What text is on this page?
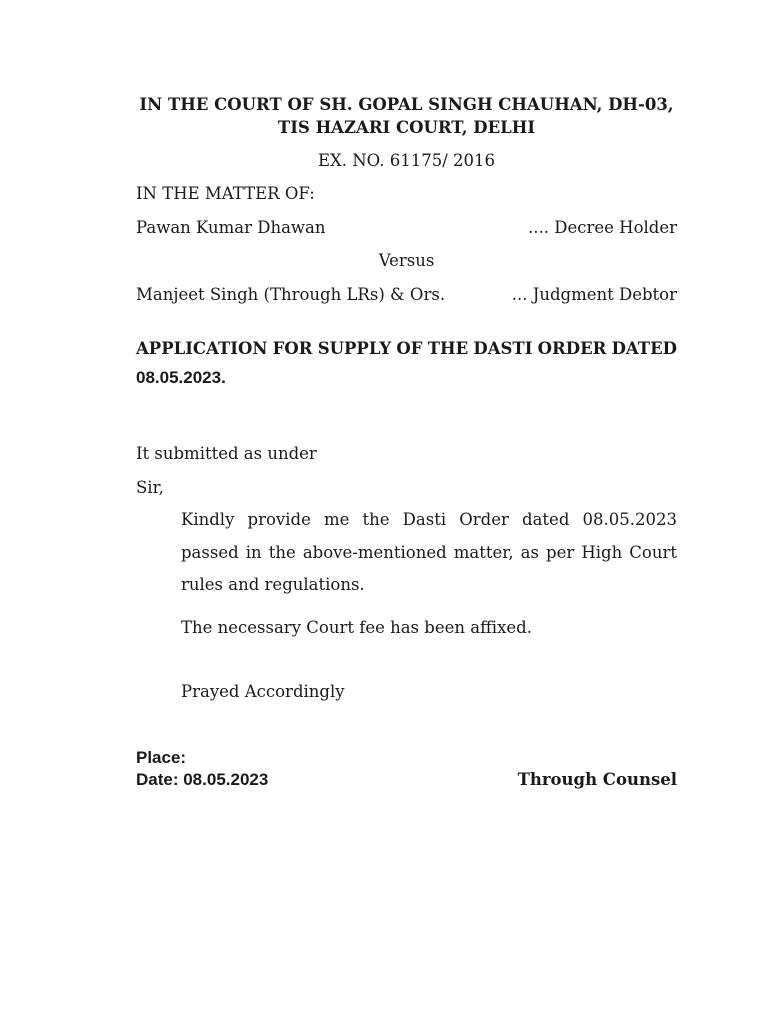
IN THE COURT OF SH. GOPAL SINGH CHAUHAN, DH-03,
TIS HAZARI COURT, DELHI
EX. NO. 61175/ 2016
IN THE MATTER OF:
Pawan Kumar Dhawan	.... Decree Holder
Versus
Manjeet Singh (Through LRs) & Ors.	... Judgment Debtor
APPLICATION FOR SUPPLY OF THE DASTI ORDER DATED
08.05.2023.
It submitted as under
Sir,
Kindly provide me the Dasti Order dated 08.05.2023 passed in the above-mentioned matter, as per High Court rules and regulations.
The necessary Court fee has been affixed.
Prayed Accordingly
Place:
Date: 08.05.2023	Through Counsel
